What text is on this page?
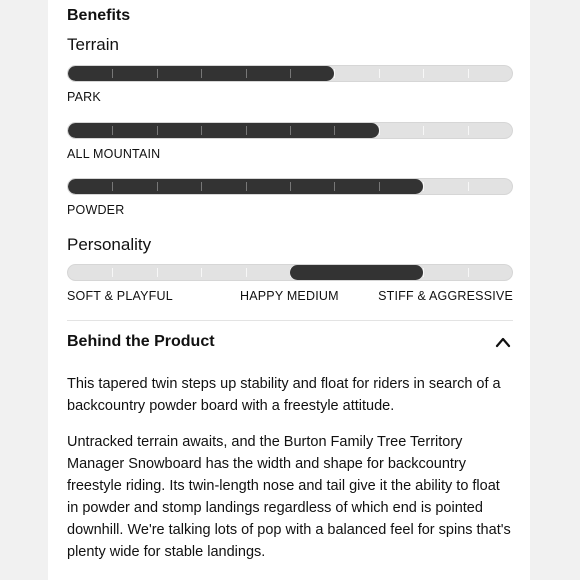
Benefits
Terrain
PARK
ALL MOUNTAIN
POWDER
Personality
SOFT & PLAYFUL	HAPPY MEDIUM	STIFF & AGGRESSIVE
Behind the Product
This tapered twin steps up stability and float for riders in search of a backcountry powder board with a freestyle attitude.
Untracked terrain awaits, and the Burton Family Tree Territory Manager Snowboard has the width and shape for backcountry freestyle riding. Its twin-length nose and tail give it the ability to float in powder and stomp landings regardless of which end is pointed downhill. We're talking lots of pop with a balanced feel for spins that's plenty wide for stable landings.
